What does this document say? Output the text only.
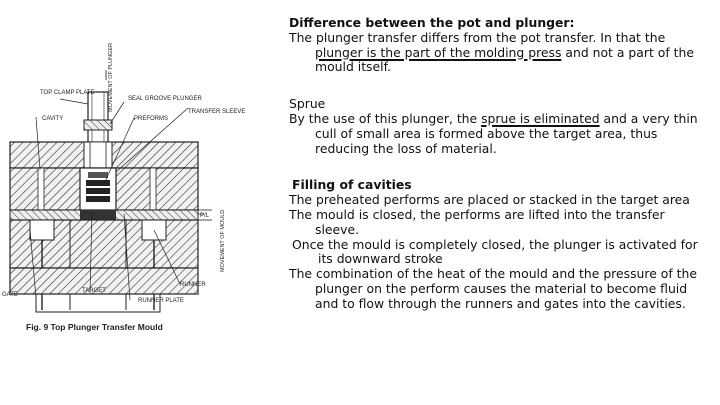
TOP CLAMP PLATE
CAVITY
SEAL GROOVE PLUNGER
TRANSFER SLEEVE
PREFORMS
P/L
RUNNER
GATE
TARGET
RUNNER PLATE
MOVEMENT OF PLUNGER
MOVEMENT OF MOULD
Fig. 9 Top Plunger Transfer Mould

Difference between the pot and plunger:

The plunger transfer differs from the pot transfer. In that the plunger is the part of the molding press and not a part of the mould itself.

Sprue

By the use of this plunger, the sprue is eliminated and a very thin cull of small area is formed above the target area, thus reducing the loss of material.

Filling of cavities

The preheated performs are placed or stacked in the target area

The mould is closed, the performs are lifted into the transfer sleeve.

Once the mould is completely closed, the plunger is activated for its downward stroke

The combination of the heat of the mould and the pressure of the plunger on the perform causes the material to become fluid and to flow through the runners and gates into the cavities.
